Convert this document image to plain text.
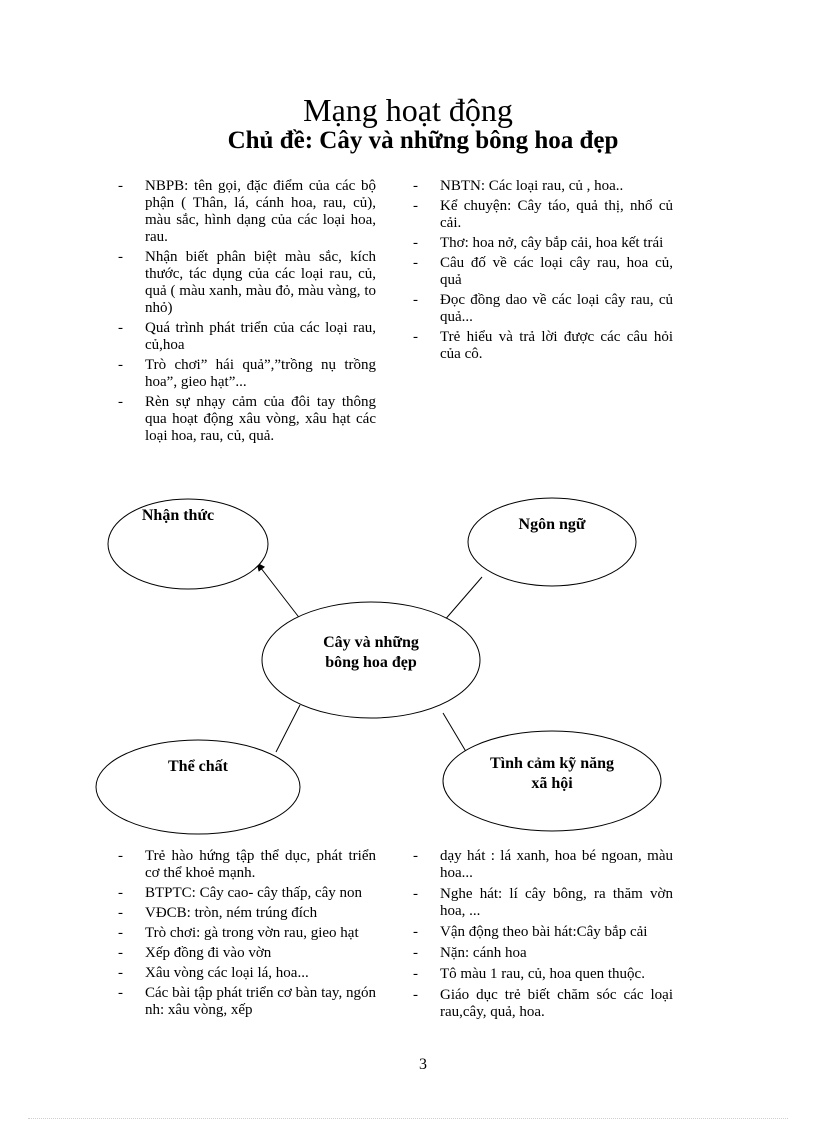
Mạng hoạt động
Chủ đề: Cây và những bông hoa đẹp
- NBPB: tên gọi, đặc điểm của các bộ phận ( Thân, lá, cánh hoa, rau, củ), màu sắc, hình dạng của các loại hoa, rau.
- Nhận biết phân biệt màu sắc, kích thước, tác dụng của các loại rau, củ, quả ( màu xanh, màu đỏ, màu vàng, to nhỏ)
- Quá trình phát triển của các loại rau, củ,hoa
- Trò chơi” hái quả”,”trồng nụ trồng hoa”, gieo hạt”...
- Rèn sự nhạy cảm của đôi tay thông qua hoạt động xâu vòng, xâu hạt các loại hoa, rau, củ, quả.
- NBTN: Các loại rau, củ , hoa..
- Kể chuyện: Cây táo, quả thị, nhổ củ cải.
- Thơ: hoa nở, cây bắp cải, hoa kết trái
- Câu đố về các loại cây rau, hoa củ, quả
- Đọc đồng dao về các loại cây rau, củ quả...
- Trẻ hiểu và trả lời được các câu hỏi của cô.
Nhận thức
Ngôn ngữ
Cây và những
bông hoa đẹp
Thể chất	Tình cảm kỹ năng xã hội
- Trẻ hào hứng tập thể dục, phát triển cơ thể khoẻ mạnh.
- BTPTC: Cây cao- cây thấp, cây non
- VĐCB: tròn, ném trúng đích
- Trò chơi: gà trong vờn rau, gieo hạt
- Xếp đồng đi vào vờn
- Xâu vòng các loại lá, hoa...
- Các bài tập phát triển cơ bàn tay, ngón nh: xâu vòng, xếp
- dạy hát : lá xanh, hoa bé ngoan, màu hoa...
- Nghe hát: lí cây bông, ra thăm vờn hoa, ...
- Vận động theo bài hát:Cây bắp cải
- Nặn: cánh hoa
- Tô màu 1 rau, củ, hoa quen thuộc.
- Giáo dục trẻ biết chăm sóc các loại rau,cây, quả, hoa.
3
